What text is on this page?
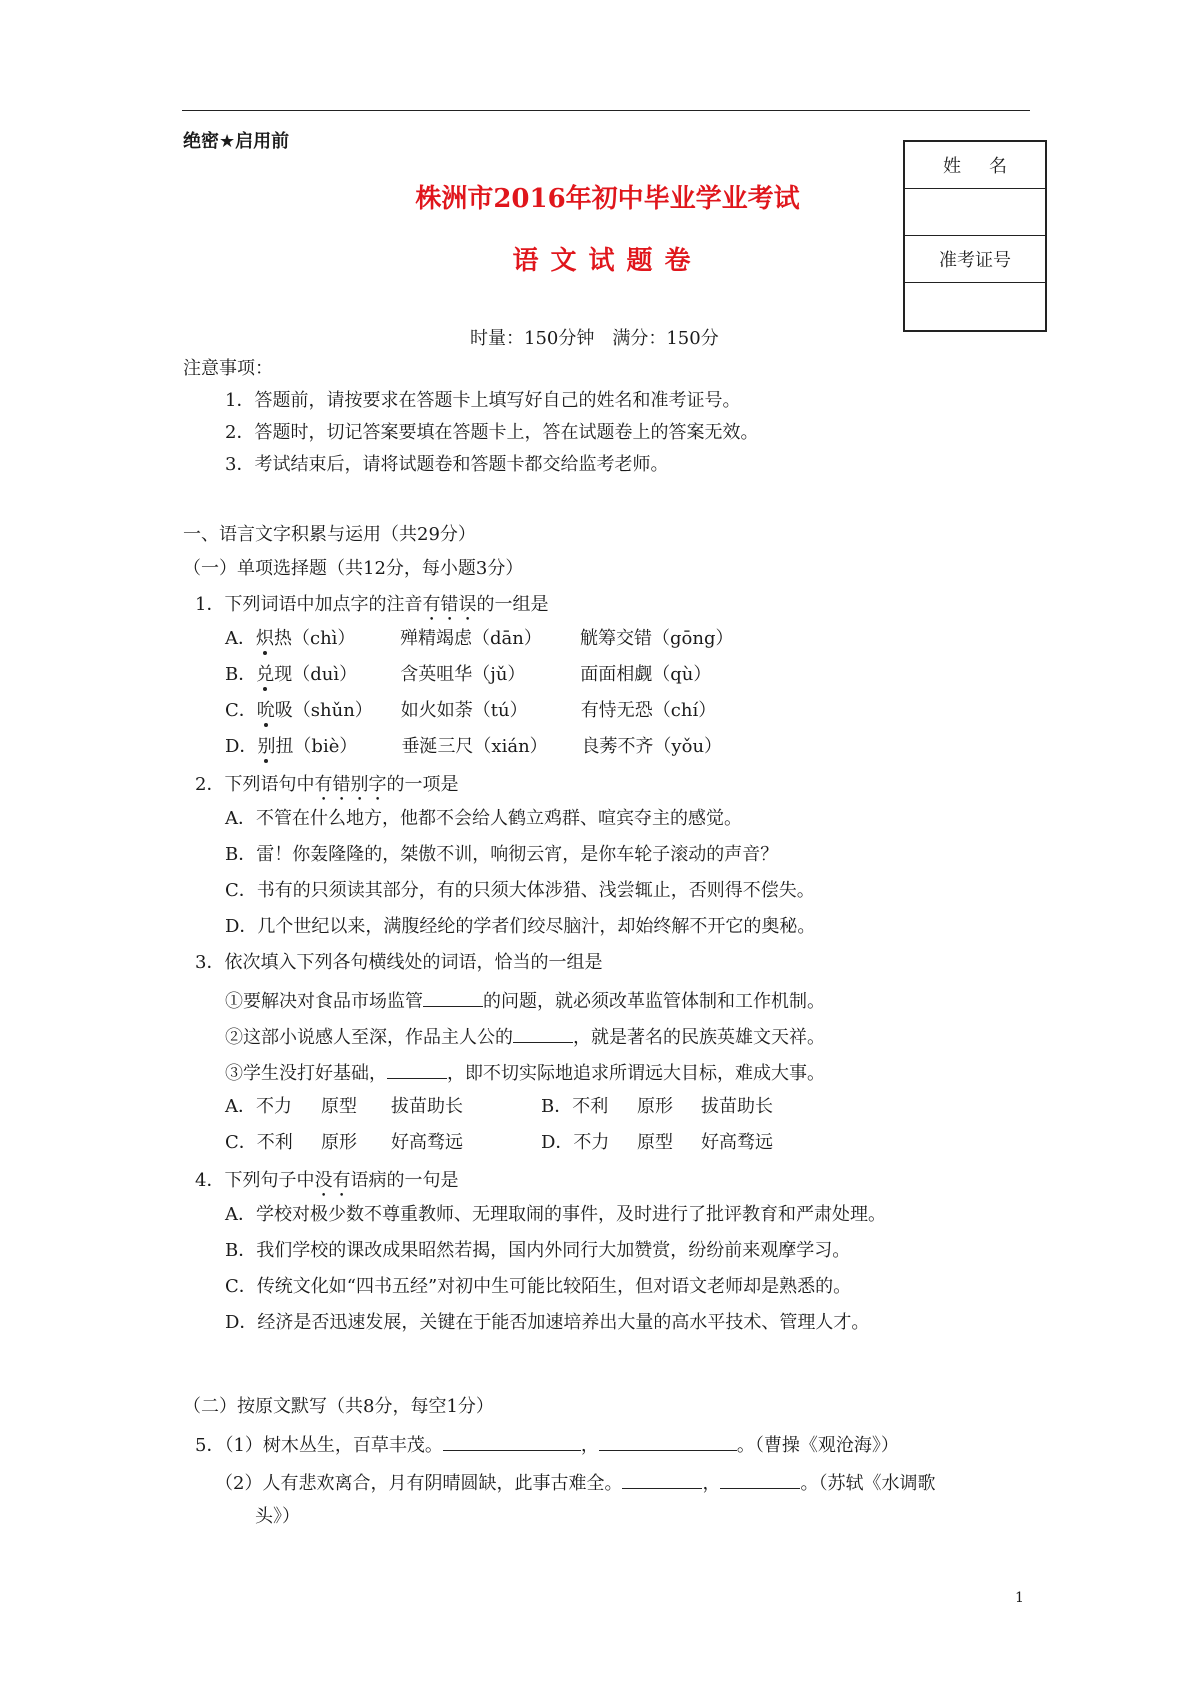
绝密★启用前
株洲市2016年初中毕业学业考试
语文试题卷
姓名
准考证号
时量：150分钟　满分：150分
注意事项：
1．答题前，请按要求在答题卡上填写好自己的姓名和准考证号。
2．答题时，切记答案要填在答题卡上，答在试题卷上的答案无效。
3．考试结束后，请将试题卷和答题卡都交给监考老师。
一、语言文字积累与运用（共29分）
（一）单项选择题（共12分，每小题3分）
1．下列词语中加点字的注音有错误的一组是
A．炽热（chì） 殚精竭虑（dān） 觥筹交错（gōng）
B．兑现（duì） 含英咀华（jǔ）	面面相觑（qù）
C．吮吸（shǔn） 如火如荼（tú）	有恃无恐（chí）
D．别扭（biè） 垂涎三尺（xián） 良莠不齐（yǒu）
2．下列语句中有错别字的一项是
A．不管在什么地方，他都不会给人鹤立鸡群、喧宾夺主的感觉。
B．雷！你轰隆隆的，桀傲不训，响彻云宵，是你车轮子滚动的声音？
C．书有的只须读其部分，有的只须大体涉猎、浅尝辄止，否则得不偿失。
D．几个世纪以来，满腹经纶的学者们绞尽脑汁，却始终解不开它的奥秘。
3．依次填入下列各句横线处的词语，恰当的一组是
①要解决对食品市场监管	的问题，就必须改革监管体制和工作机制。
②这部小说感人至深，作品主人公的	，就是著名的民族英雄文天祥。
③学生没打好基础，	，即不切实际地追求所谓远大目标，难成大事。
A．不力 原型 拔苗助长	B．不利 原形 拔苗助长
C．不利 原形 好高骛远	D．不力 原型 好高骛远
4．下列句子中没有语病的一句是
A．学校对极少数不尊重教师、无理取闹的事件，及时进行了批评教育和严肃处理。
B．我们学校的课改成果昭然若揭，国内外同行大加赞赏，纷纷前来观摩学习。
C．传统文化如“四书五经”对初中生可能比较陌生，但对语文老师却是熟悉的。
D．经济是否迅速发展，关键在于能否加速培养出大量的高水平技术、管理人才。
（二）按原文默写（共8分，每空1分）
5．（1）树木丛生，百草丰茂。	，	。（曹操《观沧海》）
（2）人有悲欢离合，月有阴晴圆缺，此事古难全。	，	。（苏轼《水调歌
头》）
1
